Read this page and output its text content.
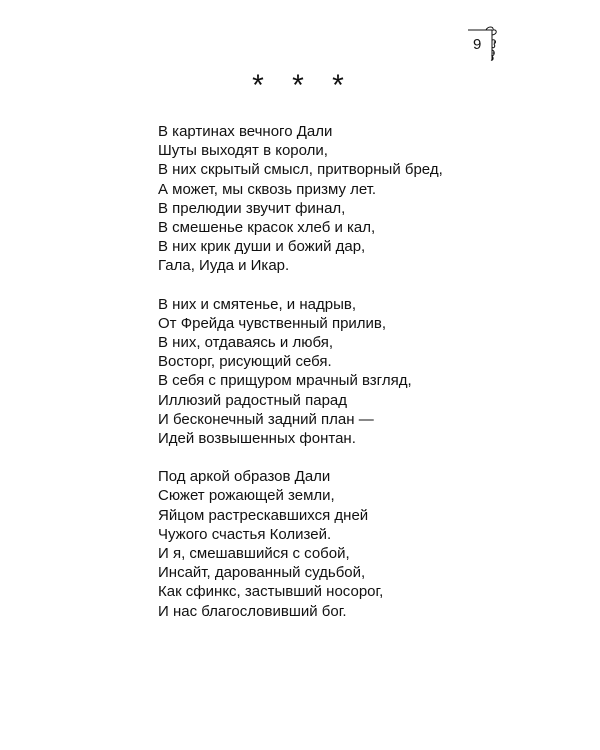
9
* * *
В картинах вечного Дали
Шуты выходят в короли,
В них скрытый смысл, притворный бред,
А может, мы сквозь призму лет.
В прелюдии звучит финал,
В смешенье красок хлеб и кал,
В них крик души и божий дар,
Гала, Иуда и Икар.
В них и смятенье, и надрыв,
От Фрейда чувственный прилив,
В них, отдаваясь и любя,
Восторг, рисующий себя.
В себя с прищуром мрачный взгляд,
Иллюзий радостный парад
И бесконечный задний план —
Идей возвышенных фонтан.
Под аркой образов Дали
Сюжет рожающей земли,
Яйцом растрескавшихся дней
Чужого счастья Колизей.
И я, смешавшийся с собой,
Инсайт, дарованный судьбой,
Как сфинкс, застывший носорог,
И нас благословивший бог.
